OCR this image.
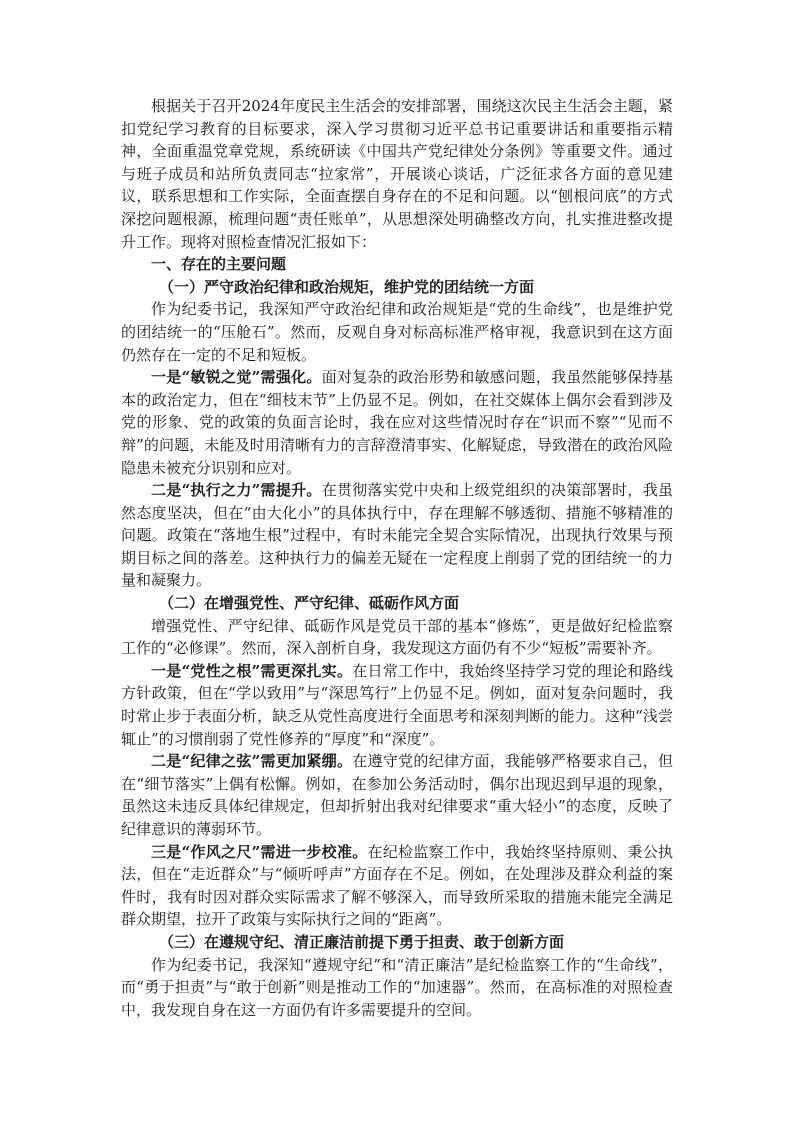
根据关于召开2024年度民主生活会的安排部署，围绕这次民主生活会主题，紧扣党纪学习教育的目标要求，深入学习贯彻习近平总书记重要讲话和重要指示精神，全面重温党章党规，系统研读《中国共产党纪律处分条例》等重要文件。通过与班子成员和站所负责同志“拉家常”，开展谈心谈话，广泛征求各方面的意见建议，联系思想和工作实际，全面查摆自身存在的不足和问题。以“刨根问底”的方式深挖问题根源，梳理问题“责任账单”，从思想深处明确整改方向，扎实推进整改提升工作。现将对照检查情况汇报如下：

一、存在的主要问题

（一）严守政治纪律和政治规矩，维护党的团结统一方面

作为纪委书记，我深知严守政治纪律和政治规矩是“党的生命线”，也是维护党的团结统一的“压舱石”。然而，反观自身对标高标准严格审视，我意识到在这方面仍然存在一定的不足和短板。

一是“敏锐之觉”需强化。面对复杂的政治形势和敏感问题，我虽然能够保持基本的政治定力，但在“细枝末节”上仍显不足。例如，在社交媒体上偶尔会看到涉及党的形象、党的政策的负面言论时，我在应对这些情况时存在“识而不察”“见而不辩”的问题，未能及时用清晰有力的言辞澄清事实、化解疑虑，导致潜在的政治风险隐患未被充分识别和应对。

二是“执行之力”需提升。在贯彻落实党中央和上级党组织的决策部署时，我虽然态度坚决，但在“由大化小”的具体执行中，存在理解不够透彻、措施不够精准的问题。政策在“落地生根”过程中，有时未能完全契合实际情况，出现执行效果与预期目标之间的落差。这种执行力的偏差无疑在一定程度上削弱了党的团结统一的力量和凝聚力。

（二）在增强党性、严守纪律、砥砺作风方面

增强党性、严守纪律、砥砺作风是党员干部的基本“修炼”，更是做好纪检监察工作的“必修课”。然而，深入剖析自身，我发现这方面仍有不少“短板”需要补齐。

一是“党性之根”需更深扎实。在日常工作中，我始终坚持学习党的理论和路线方针政策，但在“学以致用”与“深思笃行”上仍显不足。例如，面对复杂问题时，我时常止步于表面分析，缺乏从党性高度进行全面思考和深刻判断的能力。这种“浅尝辄止”的习惯削弱了党性修养的“厚度”和“深度”。

二是“纪律之弦”需更加紧绷。在遵守党的纪律方面，我能够严格要求自己，但在“细节落实”上偶有松懈。例如，在参加公务活动时，偶尔出现迟到早退的现象，虽然这未违反具体纪律规定，但却折射出我对纪律要求“重大轻小”的态度，反映了纪律意识的薄弱环节。

三是“作风之尺”需进一步校准。在纪检监察工作中，我始终坚持原则、秉公执法，但在“走近群众”与“倾听呼声”方面存在不足。例如，在处理涉及群众利益的案件时，我有时因对群众实际需求了解不够深入，而导致所采取的措施未能完全满足群众期望，拉开了政策与实际执行之间的“距离”。

（三）在遵规守纪、清正廉洁前提下勇于担责、敢于创新方面

作为纪委书记，我深知“遵规守纪”和“清正廉洁”是纪检监察工作的“生命线”，而“勇于担责”与“敢于创新”则是推动工作的“加速器”。然而，在高标准的对照检查中，我发现自身在这一方面仍有许多需要提升的空间。
